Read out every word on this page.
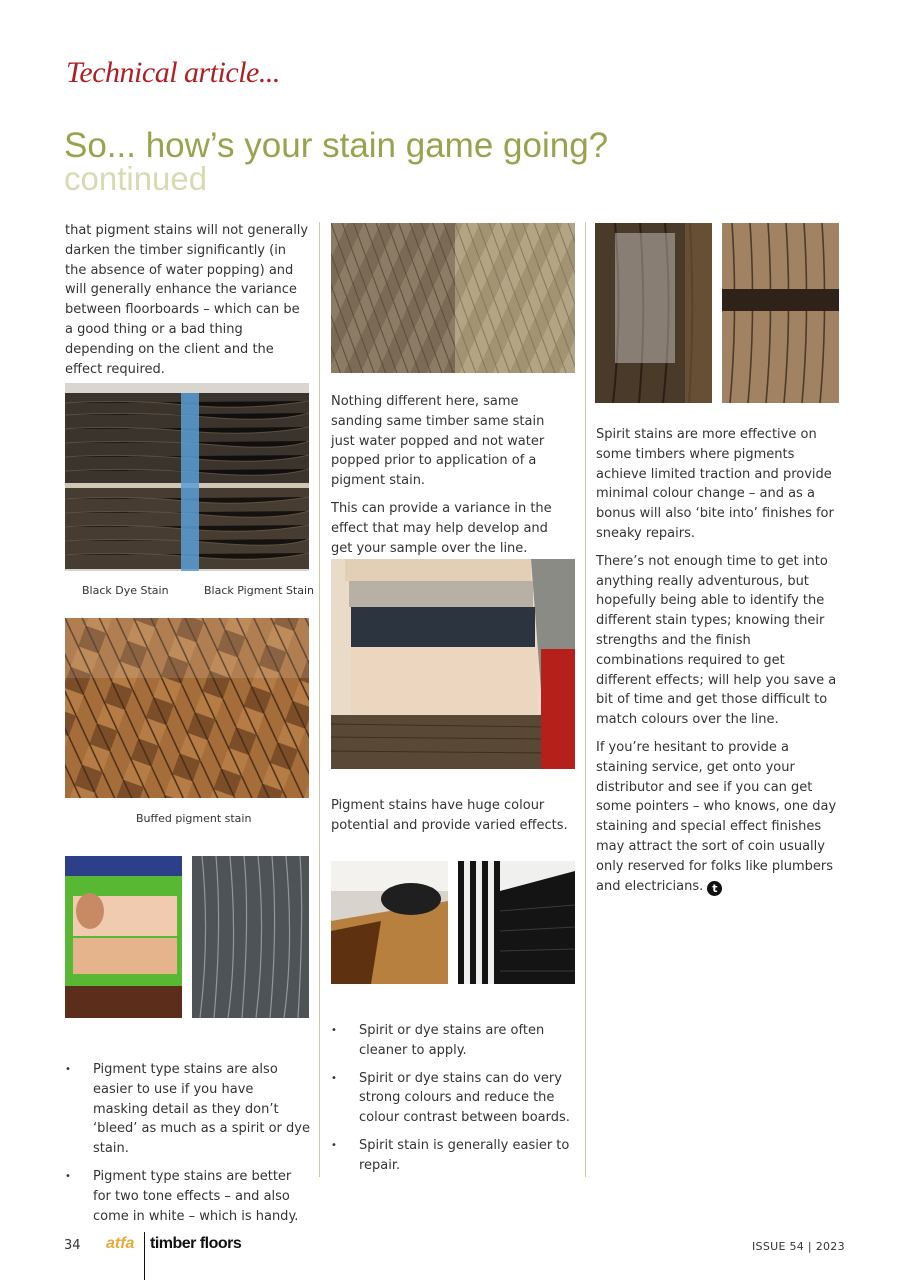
Technical article...
So... how’s your stain game going?
continued

that pigment stains will not generally darken the timber significantly (in the absence of water popping) and will generally enhance the variance between floorboards – which can be a good thing or a bad thing depending on the client and the effect required.

Black Dye Stain	Black Pigment Stain
Buffed pigment stain
• Pigment type stains are also easier to use if you have masking detail as they don’t ‘bleed’ as much as a spirit or dye stain.
• Pigment type stains are better for two tone effects – and also come in white – which is handy.

Nothing different here, same sanding same timber same stain just water popped and not water popped prior to application of a pigment stain.

This can provide a variance in the effect that may help develop and get your sample over the line.

Pigment stains have huge colour potential and provide varied effects.

• Spirit or dye stains are often cleaner to apply.
• Spirit or dye stains can do very strong colours and reduce the colour contrast between boards.
• Spirit stain is generally easier to repair.

Spirit stains are more effective on some timbers where pigments achieve limited traction and provide minimal colour change – and as a bonus will also ‘bite into’ finishes for sneaky repairs.

There’s not enough time to get into anything really adventurous, but hopefully being able to identify the different stain types; knowing their strengths and the finish combinations required to get different effects; will help you save a bit of time and get those difficult to match colours over the line.

If you’re hesitant to provide a staining service, get onto your distributor and see if you can get some pointers – who knows, one day staining and special effect finishes may attract the sort of coin usually only reserved for folks like plumbers and electricians. t

34 atfa timber floors	ISSUE 54 | 2023
